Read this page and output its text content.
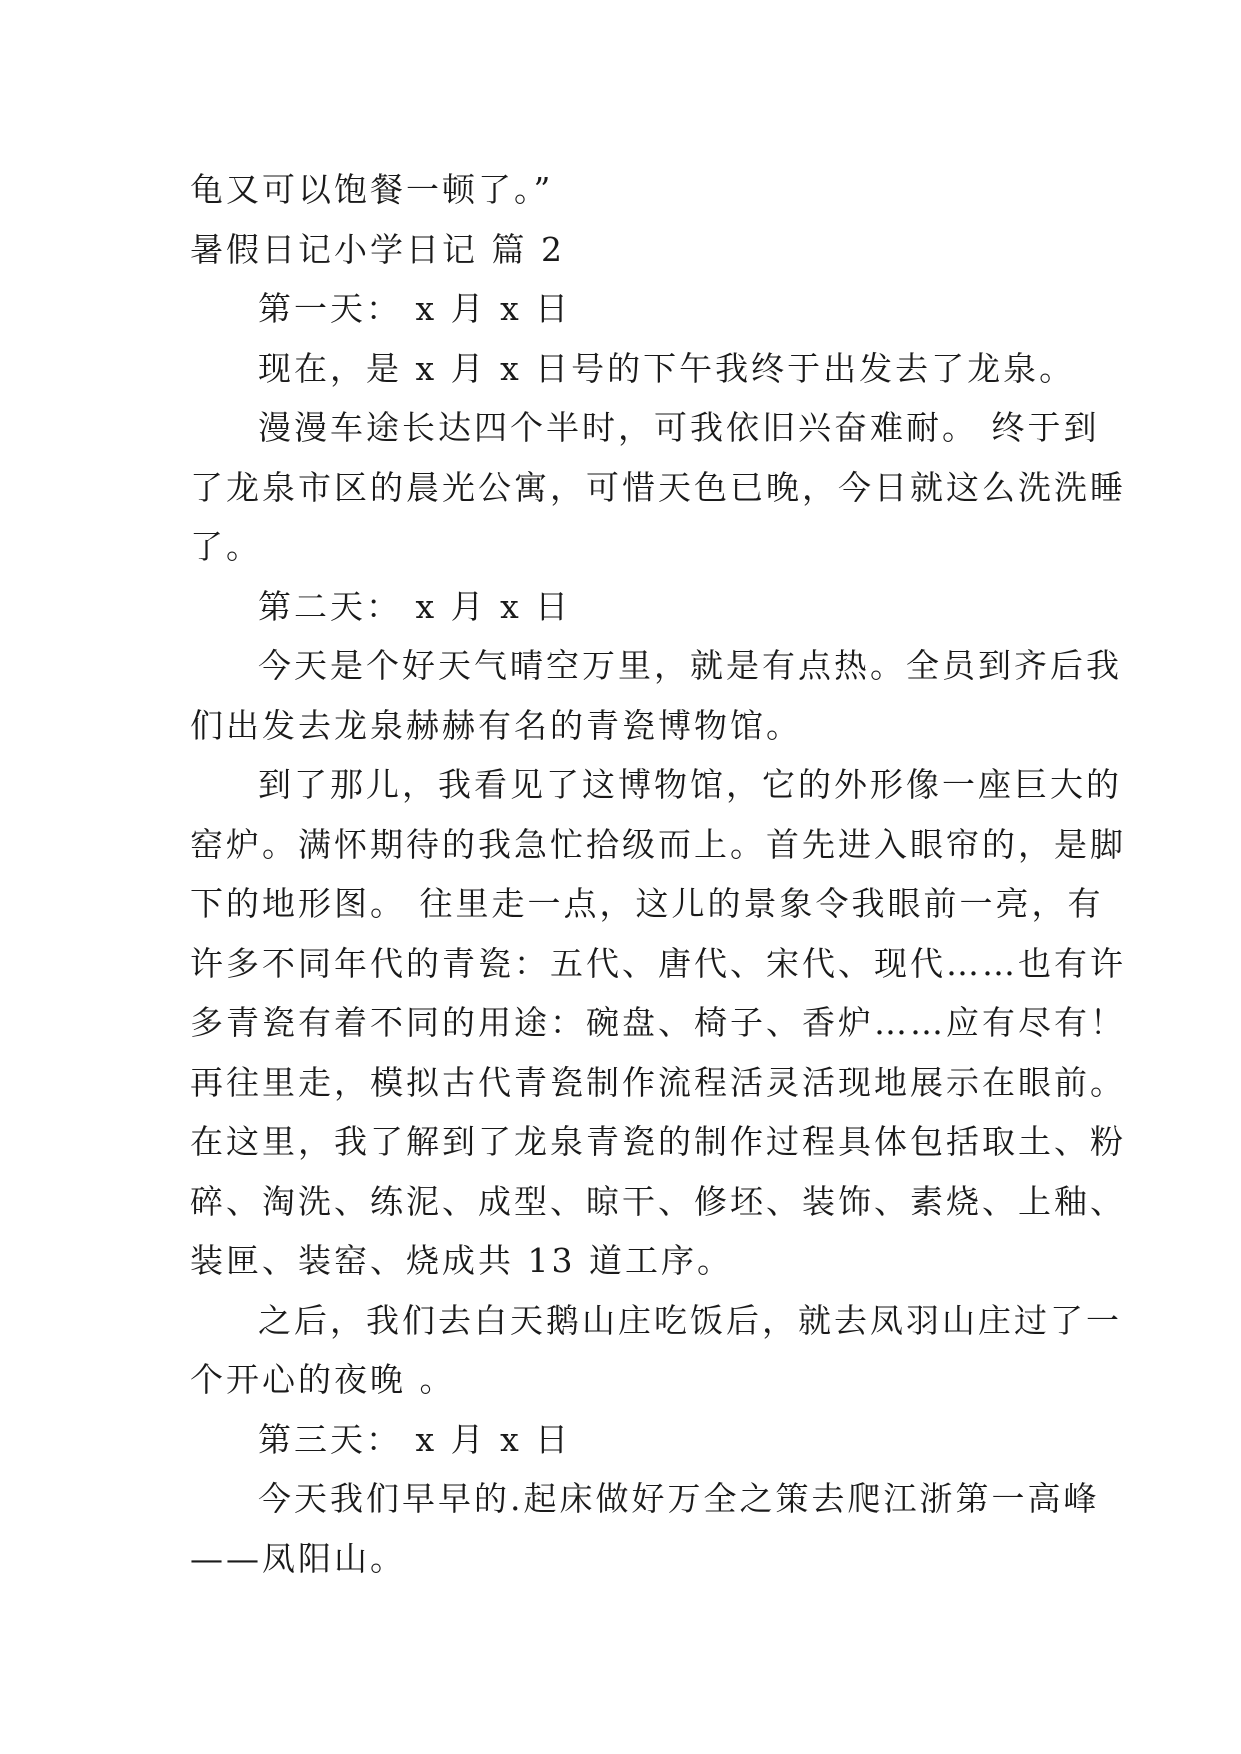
龟又可以饱餐一顿了。”
暑假日记小学日记 篇 2
第一天： x 月 x 日
现在，是 x 月 x 日号的下午我终于出发去了龙泉。
漫漫车途长达四个半时，可我依旧兴奋难耐。 终于到
了龙泉市区的晨光公寓，可惜天色已晚，今日就这么洗洗睡
了。
第二天： x 月 x 日
今天是个好天气晴空万里，就是有点热。全员到齐后我
们出发去龙泉赫赫有名的青瓷博物馆。
到了那儿，我看见了这博物馆，它的外形像一座巨大的
窑炉。满怀期待的我急忙拾级而上。首先进入眼帘的，是脚
下的地形图。 往里走一点，这儿的景象令我眼前一亮，有
许多不同年代的青瓷：五代、唐代、宋代、现代……也有许
多青瓷有着不同的用途：碗盘、椅子、香炉……应有尽有！
再往里走，模拟古代青瓷制作流程活灵活现地展示在眼前。
在这里，我了解到了龙泉青瓷的制作过程具体包括取土、粉
碎、淘洗、练泥、成型、晾干、修坯、装饰、素烧、上釉、
装匣、装窑、烧成共 13 道工序。
之后，我们去白天鹅山庄吃饭后，就去凤羽山庄过了一
个开心的夜晚 。
第三天： x 月 x 日
今天我们早早的.起床做好万全之策去爬江浙第一高峰
——凤阳山。
